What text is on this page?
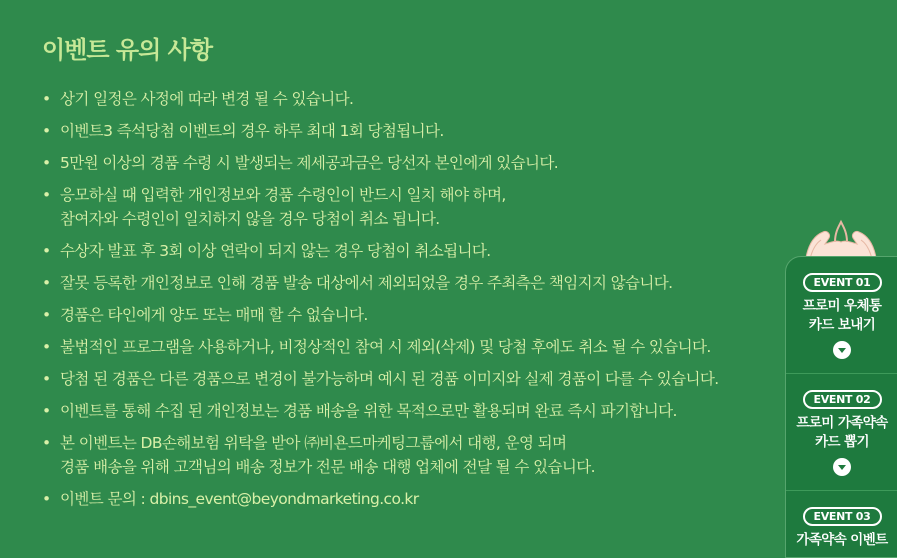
이벤트 유의 사항
• 상기 일정은 사정에 따라 변경 될 수 있습니다.
• 이벤트3 즉석당첨 이벤트의 경우 하루 최대 1회 당첨됩니다.
• 5만원 이상의 경품 수령 시 발생되는 제세공과금은 당선자 본인에게 있습니다.
• 응모하실 때 입력한 개인정보와 경품 수령인이 반드시 일치 해야 하며,
참여자와 수령인이 일치하지 않을 경우 당첨이 취소 됩니다.
• 수상자 발표 후 3회 이상 연락이 되지 않는 경우 당첨이 취소됩니다.
• 잘못 등록한 개인정보로 인해 경품 발송 대상에서 제외되었을 경우 주최측은 책임지지 않습니다.
• 경품은 타인에게 양도 또는 매매 할 수 없습니다.
• 불법적인 프로그램을 사용하거나, 비정상적인 참여 시 제외(삭제) 및 당첨 후에도 취소 될 수 있습니다.
• 당첨 된 경품은 다른 경품으로 변경이 불가능하며 예시 된 경품 이미지와 실제 경품이 다를 수 있습니다.
• 이벤트를 통해 수집 된 개인정보는 경품 배송을 위한 목적으로만 활용되며 완료 즉시 파기합니다.
• 본 이벤트는 DB손해보험 위탁을 받아 ㈜비욘드마케팅그룹에서 대행, 운영 되며
경품 배송을 위해 고객님의 배송 정보가 전문 배송 대행 업체에 전달 될 수 있습니다.
• 이벤트 문의 : dbins_event@beyondmarketing.co.kr
EVENT 01
프로미 우체통
카드 보내기
EVENT 02
프로미 가족약속
카드 뽑기
EVENT 03
가족약속 이벤트
